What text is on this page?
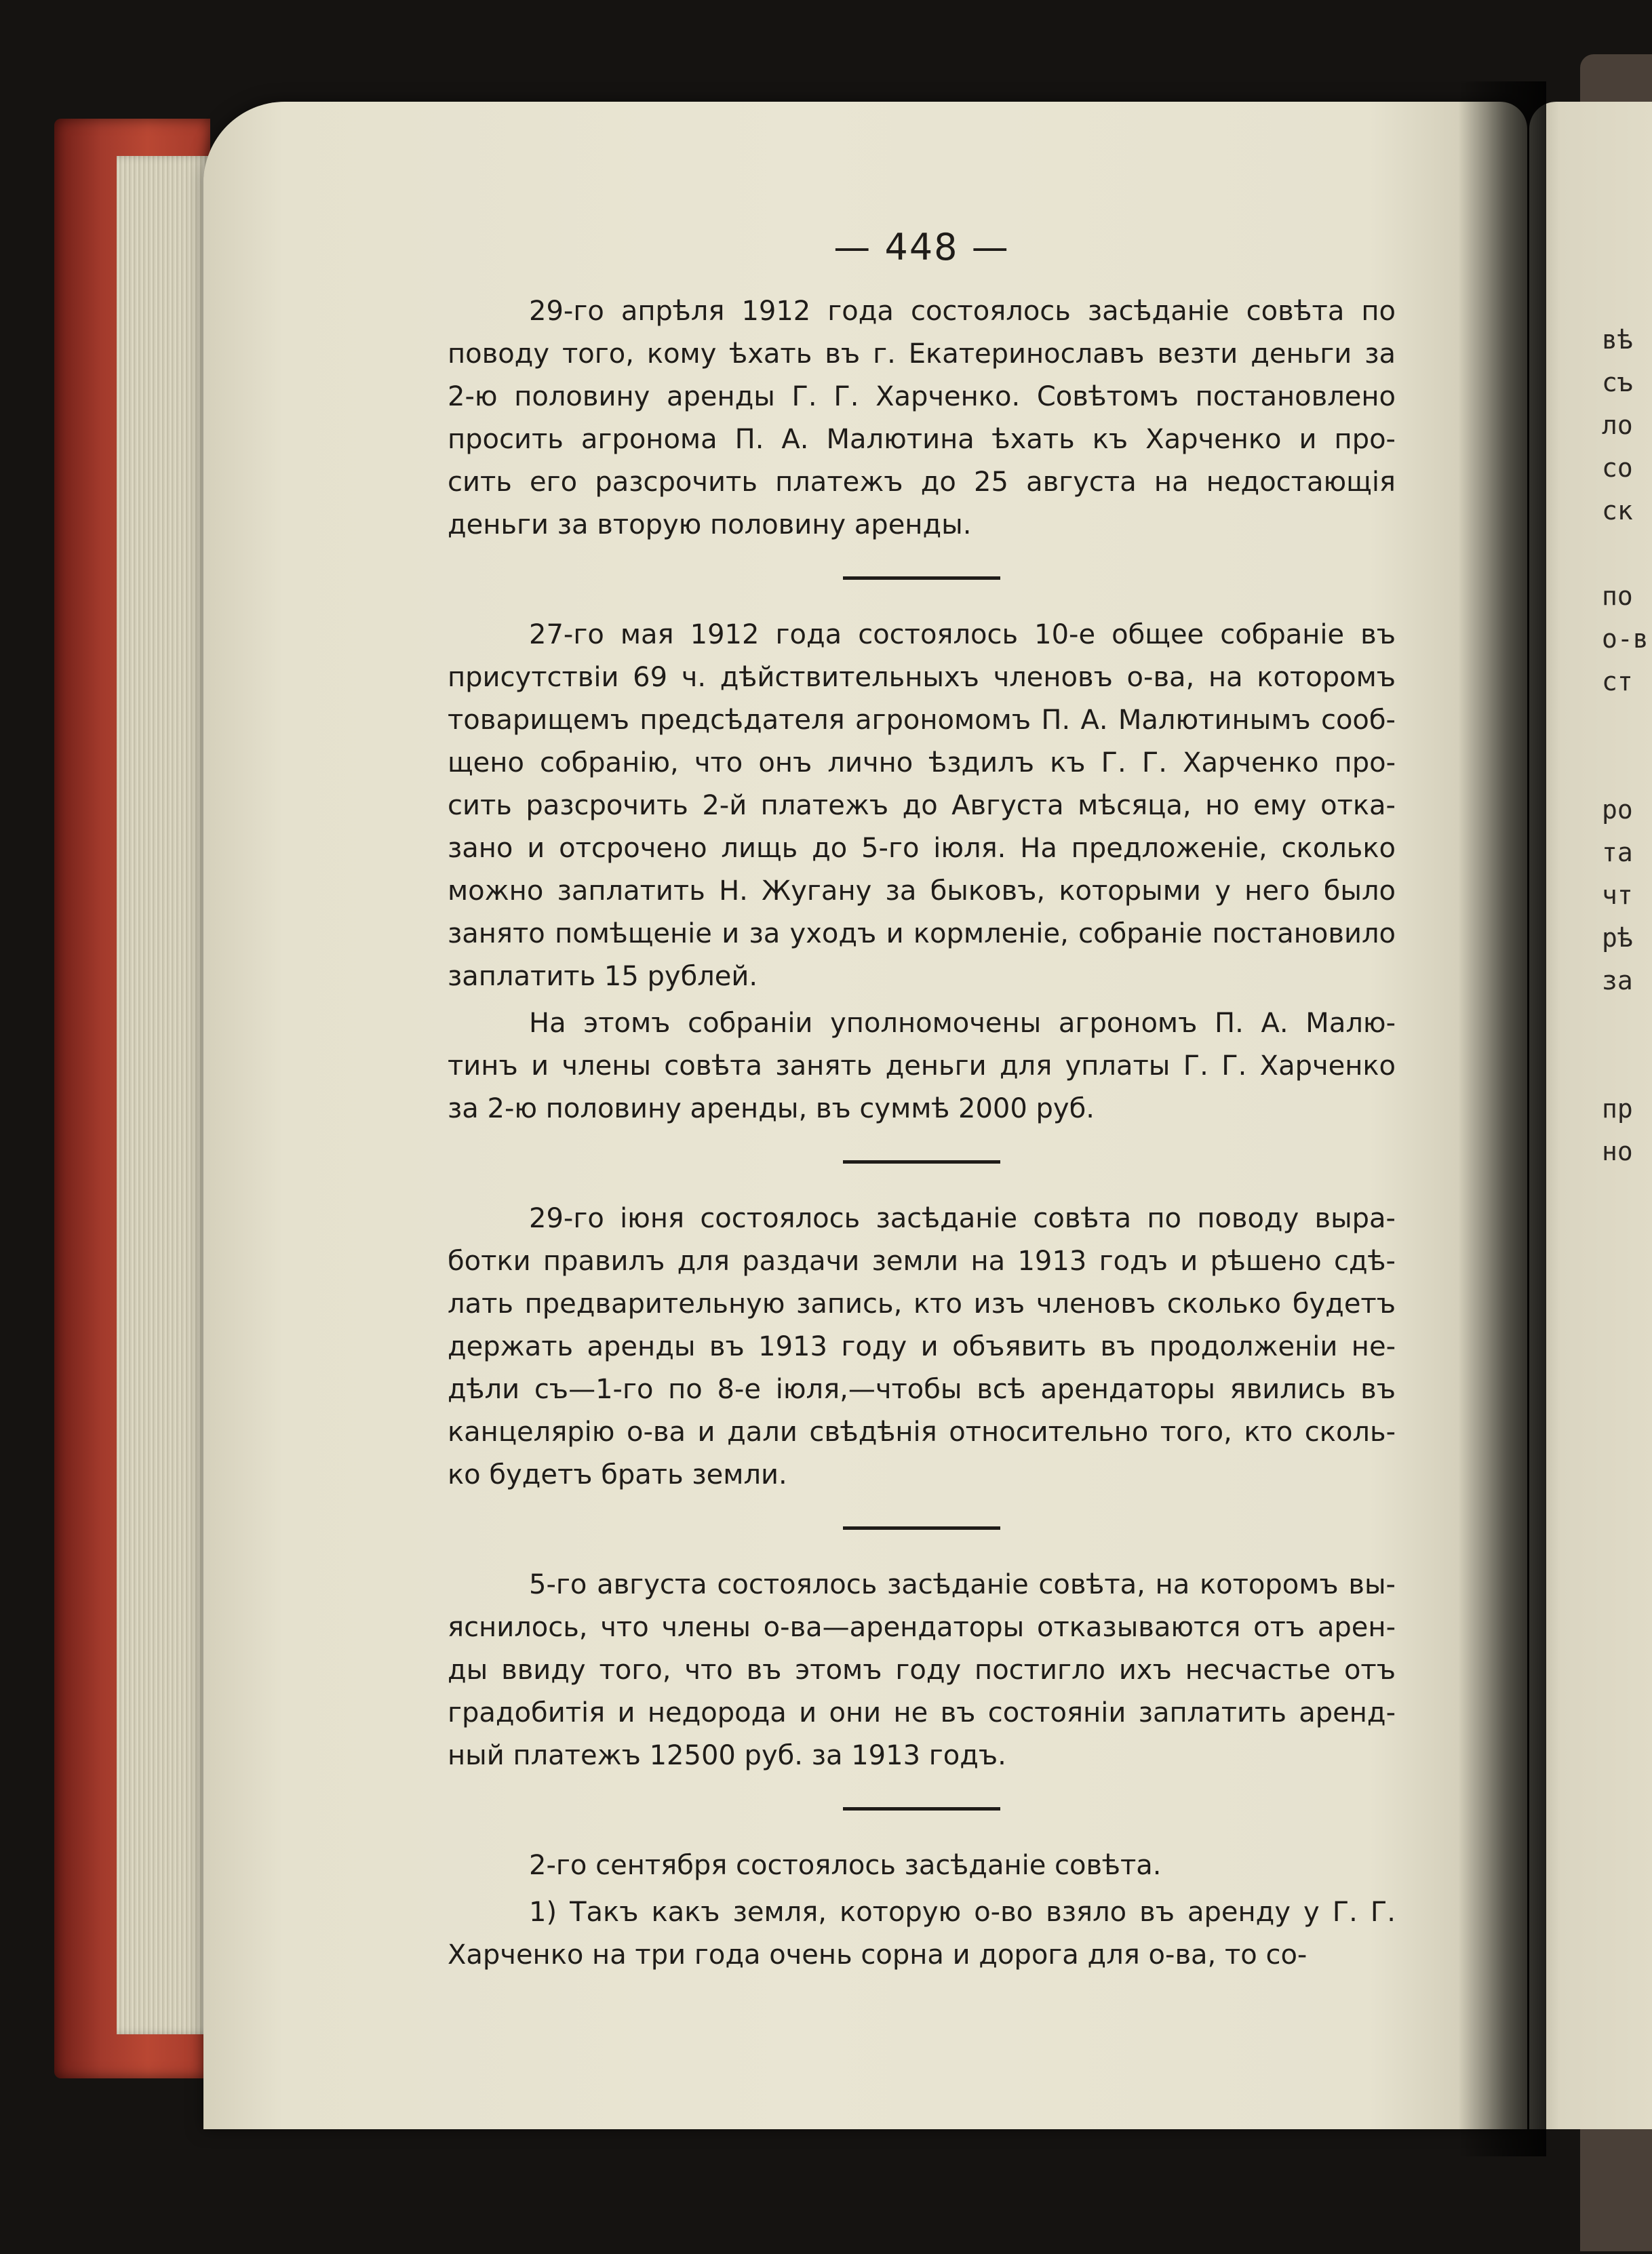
вѣ
съ
ло
со
ск
по
о-в
ст
ро
та
чт
рѣ
за
пр
но
— 448 —
29-го апрѣля 1912 года состоялось засѣданіе совѣта по
поводу того, кому ѣхать въ г. Екатеринославъ везти деньги за
2-ю половину аренды Г. Г. Харченко. Совѣтомъ постановлено
просить агронома П. А. Малютина ѣхать къ Харченко и про-
сить его разсрочить платежъ до 25 августа на недостающія
деньги за вторую половину аренды.
27-го мая 1912 года состоялось 10-е общее собраніе въ
присутствіи 69 ч. дѣйствительныхъ членовъ о-ва, на которомъ
товарищемъ предсѣдателя агрономомъ П. А. Малютинымъ сооб-
щено собранію, что онъ лично ѣздилъ къ Г. Г. Харченко про-
сить разсрочить 2-й платежъ до Августа мѣсяца, но ему отка-
зано и отсрочено лищь до 5-го іюля. На предложеніе, сколько
можно заплатить Н. Жугану за быковъ, которыми у него было
занято помѣщеніе и за уходъ и кормленіе, собраніе постановило
заплатить 15 рублей.
На этомъ собраніи уполномочены агрономъ П. А. Малю-
тинъ и члены совѣта занять деньги для уплаты Г. Г. Харченко
за 2-ю половину аренды, въ суммѣ 2000 руб.
29-го іюня состоялось засѣданіе совѣта по поводу выра-
ботки правилъ для раздачи земли на 1913 годъ и рѣшено сдѣ-
лать предварительную запись, кто изъ членовъ сколько будетъ
держать аренды въ 1913 году и объявить въ продолженіи не-
дѣли съ—1-го по 8-е іюля,—чтобы всѣ арендаторы явились въ
канцелярію о-ва и дали свѣдѣнія относительно того, кто сколь-
ко будетъ брать земли.
5-го августа состоялось засѣданіе совѣта, на которомъ вы-
яснилось, что члены о-ва—арендаторы отказываются отъ арен-
ды ввиду того, что въ этомъ году постигло ихъ несчастье отъ
градобитія и недорода и они не въ состояніи заплатить аренд-
ный платежъ 12500 руб. за 1913 годъ.
2-го сентября состоялось засѣданіе совѣта.
1) Такъ какъ земля, которую о-во взяло въ аренду у Г. Г.
Харченко на три года очень сорна и дорога для о-ва, то со-
